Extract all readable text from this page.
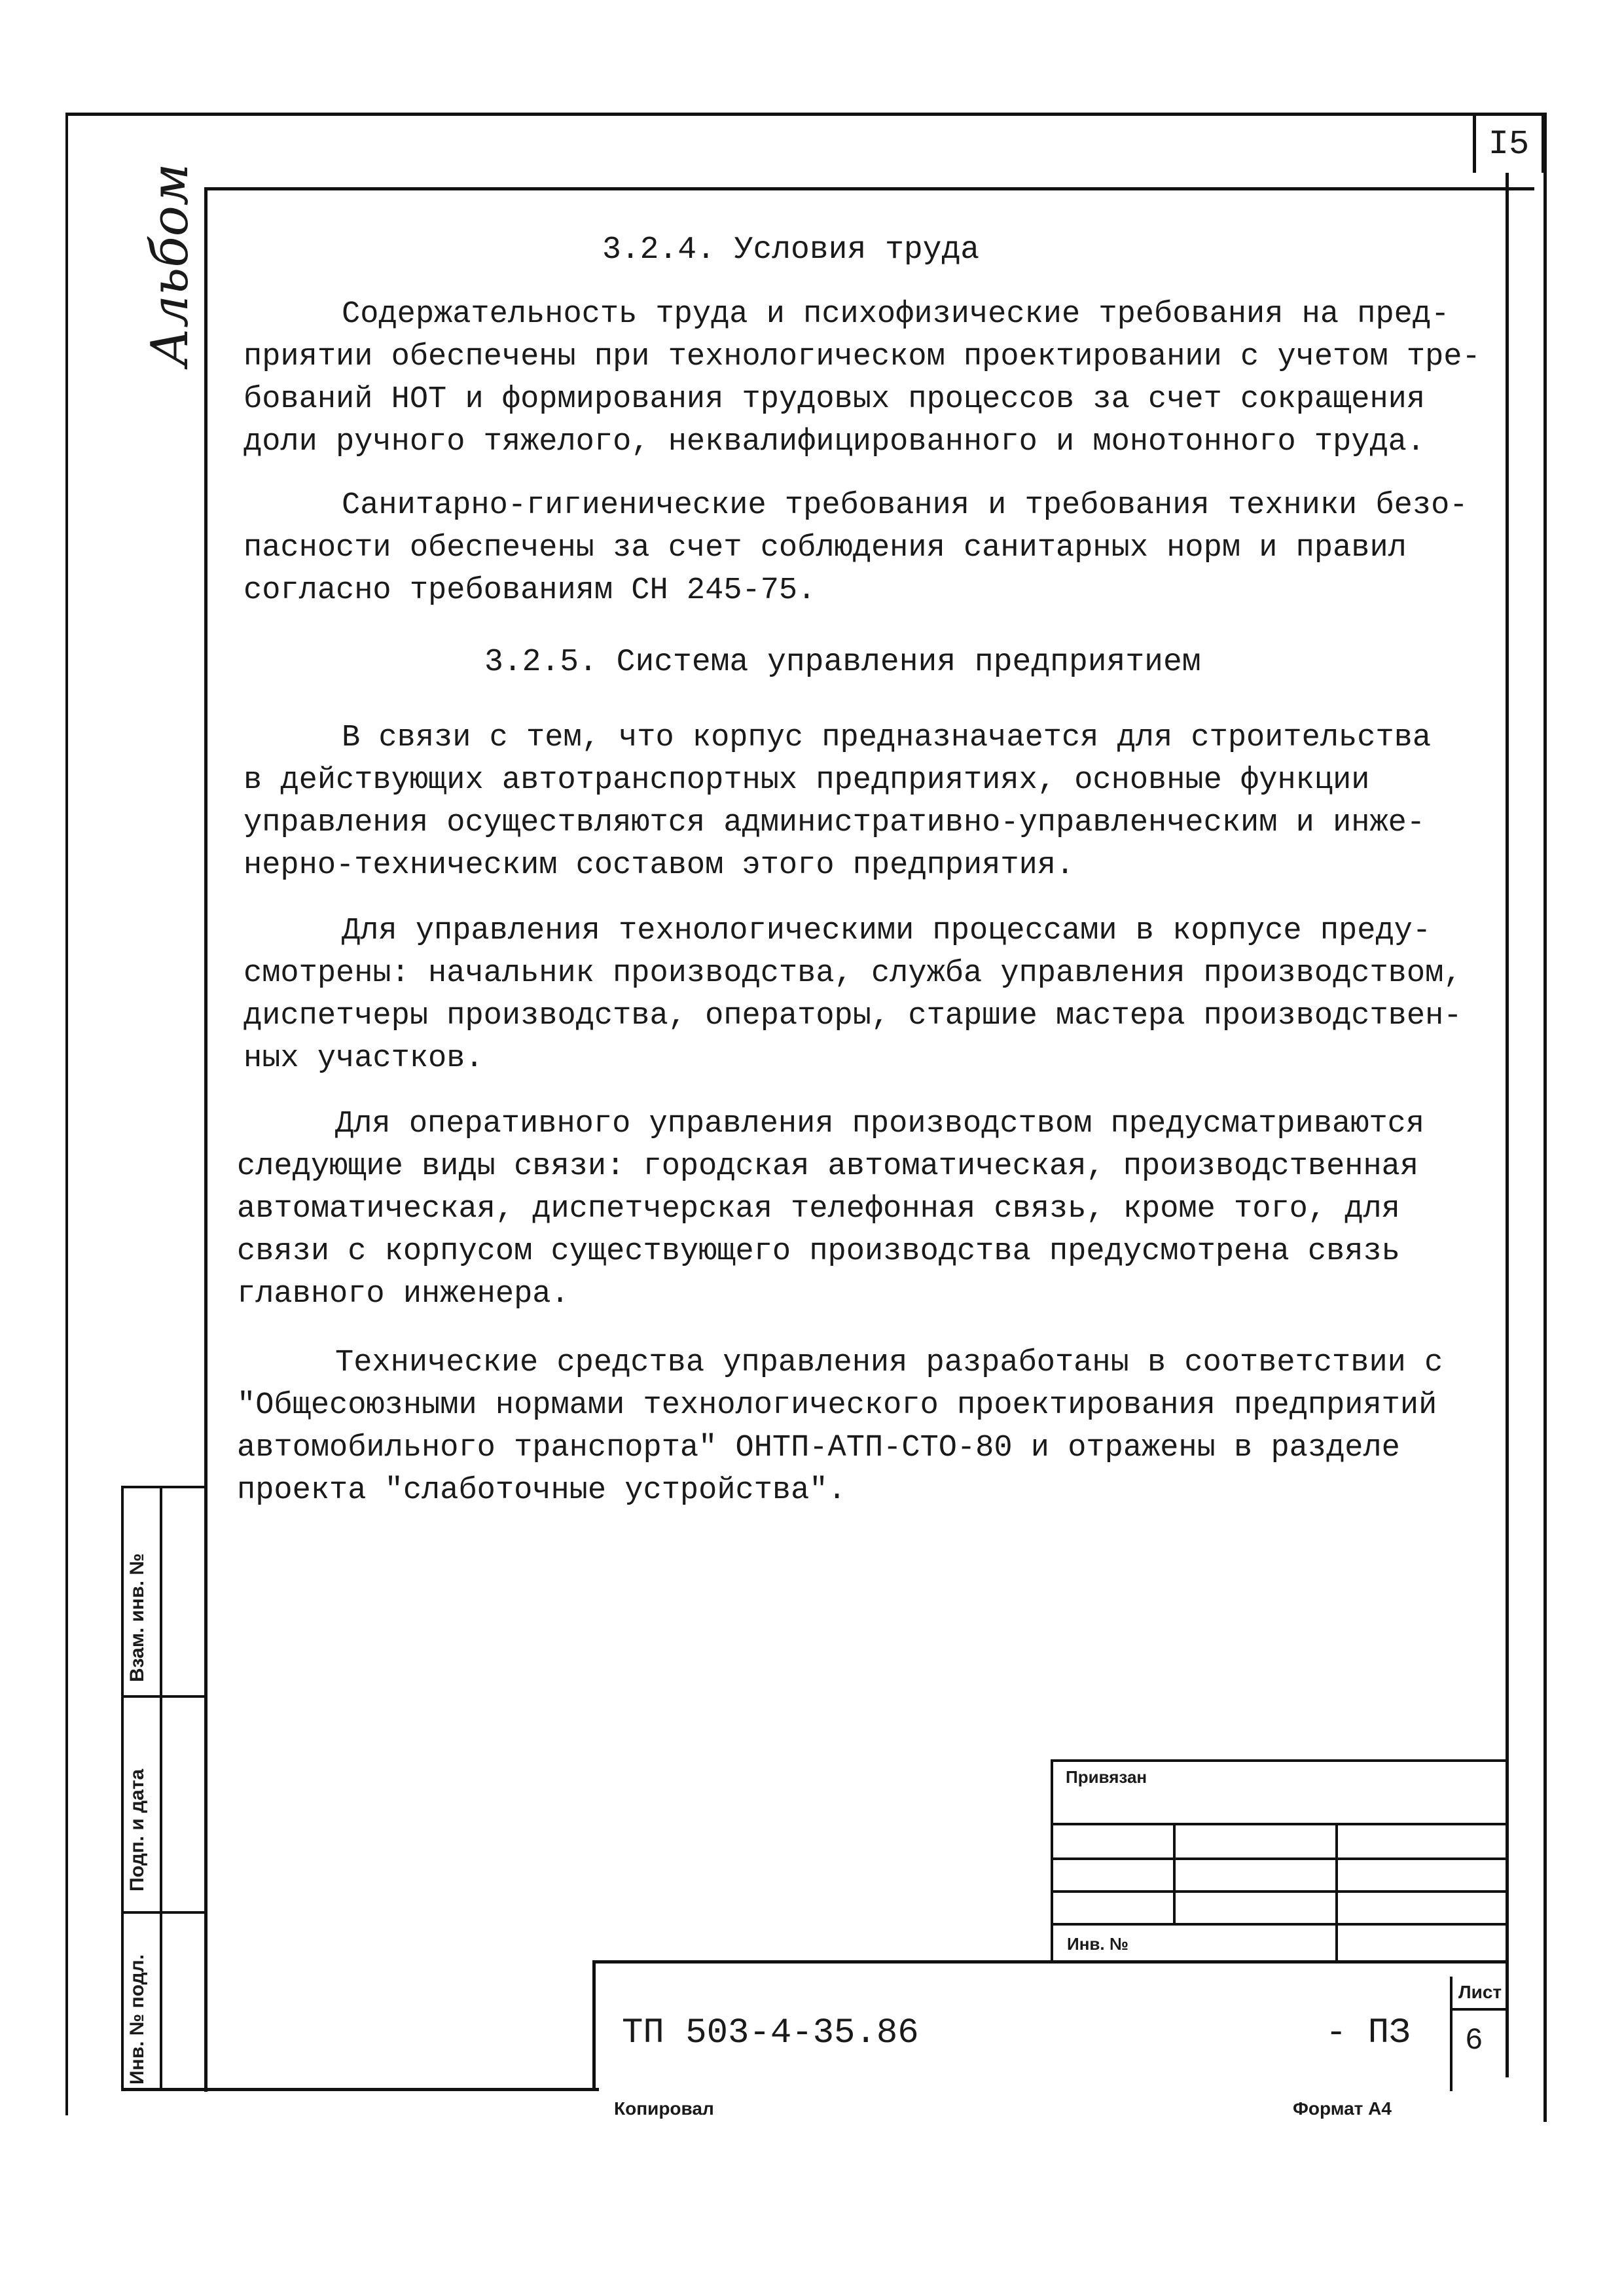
I5
Альбом
Взам. инв. №
Подп. и дата
Инв. № подл.
3.2.4. Условия труда
Содержательность труда и психофизические требования на пред-
приятии обеспечены при технологическом проектировании с учетом тре-
бований НОТ и формирования трудовых процессов за счет сокращения
доли ручного тяжелого, неквалифицированного и монотонного труда.
Санитарно-гигиенические требования и требования техники безо-
пасности обеспечены за счет соблюдения санитарных норм и правил
согласно требованиям СН 245-75.
3.2.5. Система управления предприятием
В связи с тем, что корпус предназначается для строительства
в действующих автотранспортных предприятиях, основные функции
управления осуществляются административно-управленческим и инже-
нерно-техническим составом этого предприятия.
Для управления технологическими процессами в корпусе преду-
смотрены: начальник производства, служба управления производством,
диспетчеры производства, операторы, старшие мастера производствен-
ных участков.
Для оперативного управления производством предусматриваются
следующие виды связи: городская автоматическая, производственная
автоматическая, диспетчерская телефонная связь, кроме того, для
связи с корпусом существующего производства предусмотрена связь
главного инженера.
Технические средства управления разработаны в соответствии с
"Общесоюзными нормами технологического проектирования предприятий
автомобильного транспорта" ОНТП-АТП-СТО-80 и отражены в разделе
проекта "слаботочные устройства".
Привязан
Инв. №
Лист
6
ТП 503-4-35.86	- ПЗ
Копировал	Формат А4
